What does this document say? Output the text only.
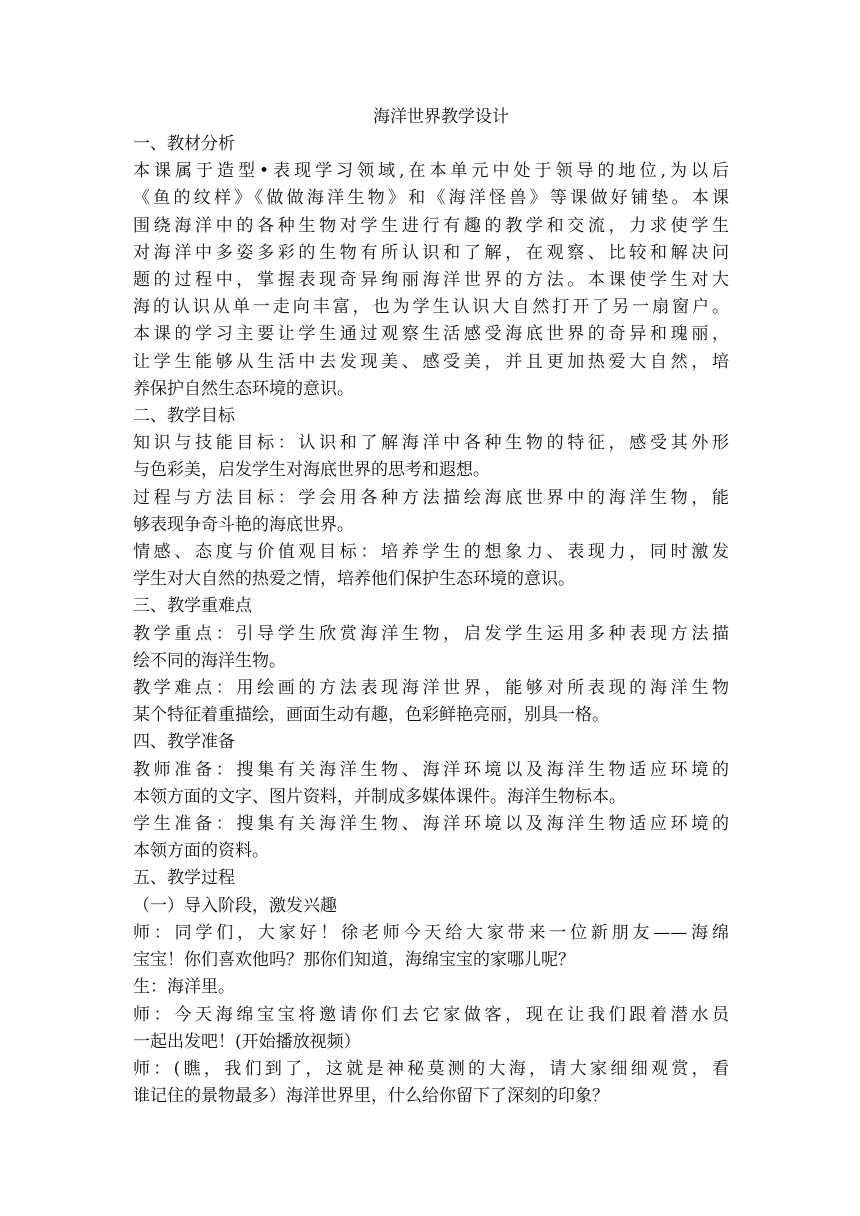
海洋世界教学设计

一、教材分析

本课属于造型•表现学习领域,在本单元中处于领导的地位,为以后

《鱼的纹样》《做做海洋生物》和《海洋怪兽》等课做好铺垫。本课

围绕海洋中的各种生物对学生进行有趣的教学和交流，力求使学生

对海洋中多姿多彩的生物有所认识和了解，在观察、比较和解决问

题的过程中，掌握表现奇异绚丽海洋世界的方法。本课使学生对大

海的认识从单一走向丰富，也为学生认识大自然打开了另一扇窗户。

本课的学习主要让学生通过观察生活感受海底世界的奇异和瑰丽，

让学生能够从生活中去发现美、感受美，并且更加热爱大自然，培

养保护自然生态环境的意识。

二、教学目标

知识与技能目标：认识和了解海洋中各种生物的特征，感受其外形

与色彩美，启发学生对海底世界的思考和遐想。

过程与方法目标：学会用各种方法描绘海底世界中的海洋生物，能

够表现争奇斗艳的海底世界。

情感、态度与价值观目标：培养学生的想象力、表现力，同时激发

学生对大自然的热爱之情，培养他们保护生态环境的意识。

三、教学重难点

教学重点：引导学生欣赏海洋生物，启发学生运用多种表现方法描

绘不同的海洋生物。

教学难点：用绘画的方法表现海洋世界，能够对所表现的海洋生物

某个特征着重描绘，画面生动有趣，色彩鲜艳亮丽，别具一格。

四、教学准备

教师准备：搜集有关海洋生物、海洋环境以及海洋生物适应环境的

本领方面的文字、图片资料，并制成多媒体课件。海洋生物标本。

学生准备：搜集有关海洋生物、海洋环境以及海洋生物适应环境的

本领方面的资料。

五、教学过程

（一）导入阶段，激发兴趣

师：同学们，大家好！徐老师今天给大家带来一位新朋友——海绵

宝宝！你们喜欢他吗？那你们知道，海绵宝宝的家哪儿呢？

生：海洋里。

师：今天海绵宝宝将邀请你们去它家做客，现在让我们跟着潜水员

一起出发吧！(开始播放视频）

师：(瞧，我们到了，这就是神秘莫测的大海，请大家细细观赏，看

谁记住的景物最多）海洋世界里，什么给你留下了深刻的印象？
